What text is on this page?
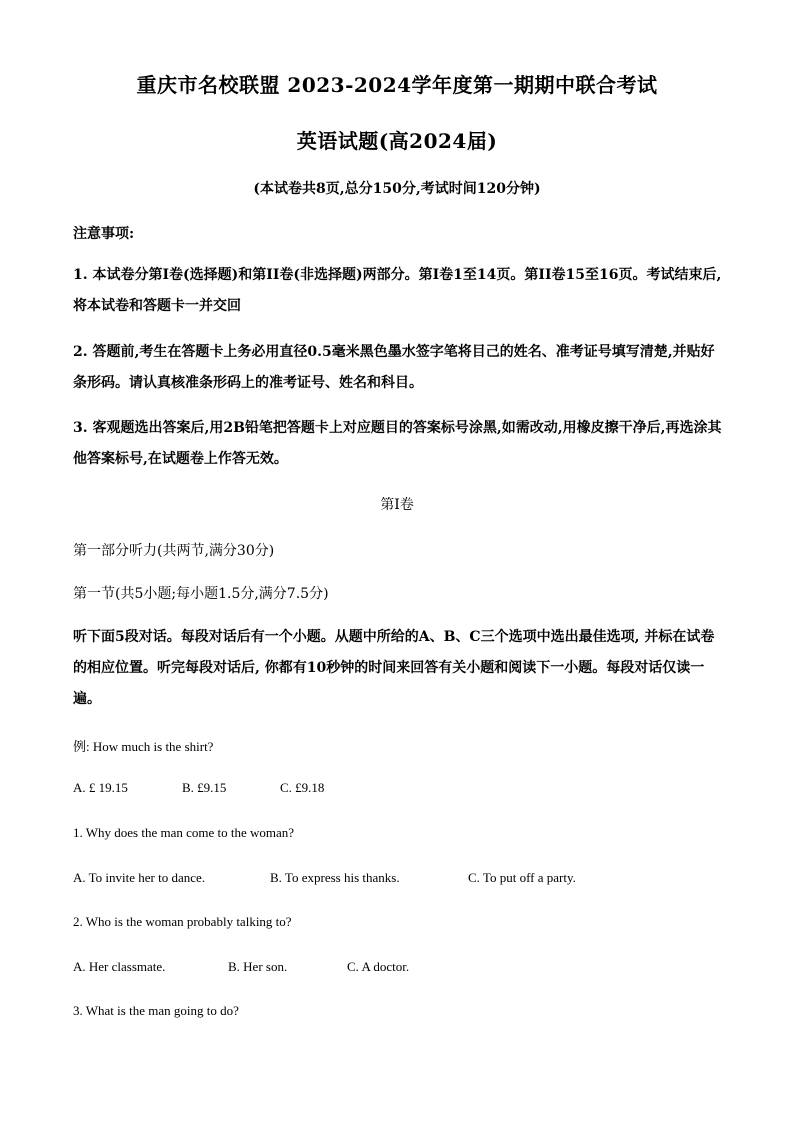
重庆市名校联盟 2023-2024学年度第一期期中联合考试
英语试题(高2024届)
(本试卷共8页,总分150分,考试时间120分钟)
注意事项:
1. 本试卷分第Ⅰ卷(选择题)和第II卷(非选择题)两部分。第Ⅰ卷1至14页。第II卷15至16页。考试结束后,将本试卷和答题卡一并交回
2. 答题前,考生在答题卡上务必用直径0.5毫米黑色墨水签字笔将目己的姓名、准考证号填写清楚,并贴好条形码。请认真核准条形码上的准考证号、姓名和科目。
3. 客观题选出答案后,用2B铅笔把答题卡上对应题目的答案标号涂黑,如需改动,用橡皮擦干净后,再选涂其他答案标号,在试题卷上作答无效。
第Ⅰ卷
第一部分听力(共两节,满分30分)
第一节(共5小题;每小题1.5分,满分7.5分)
听下面5段对话。每段对话后有一个小题。从题中所给的A、B、C三个选项中选出最佳选项, 并标在试卷的相应位置。听完每段对话后, 你都有10秒钟的时间来回答有关小题和阅读下一小题。每段对话仅读一遍。
例: How much is the shirt?
A. £ 19.15	B. £9.15	C. £9.18
1. Why does the man come to the woman?
A. To invite her to dance.	B. To express his thanks.	C. To put off a party.
2. Who is the woman probably talking to?
A. Her classmate.	B. Her son.	C. A doctor.
3. What is the man going to do?
